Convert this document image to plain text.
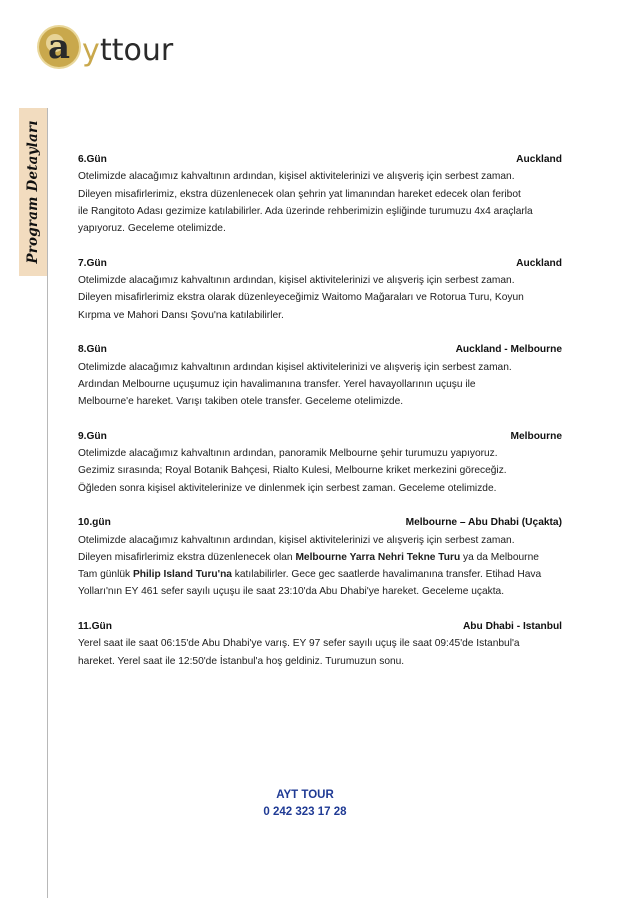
a y ttour
Program Detayları	6.Gün	Auckland

Otelimizde alacağımız kahvaltının ardından, kişisel aktivitelerinizi ve alışveriş için serbest zaman.

Dileyen misafirlerimiz, ekstra düzenlenecek olan şehrin yat limanından hareket edecek olan feribot

ile Rangitoto Adası gezimize katılabilirler. Ada üzerinde rehberimizin eşliğinde turumuzu 4x4 araçlarla

yapıyoruz. Geceleme otelimizde.

7.Gün	Auckland

Otelimizde alacağımız kahvaltının ardından, kişisel aktivitelerinizi ve alışveriş için serbest zaman.

Dileyen misafirlerimiz ekstra olarak düzenleyeceğimiz Waitomo Mağaraları ve Rotorua Turu, Koyun

Kırpma ve Mahori Dansı Şovu'na katılabilirler.

8.Gün	Auckland - Melbourne

Otelimizde alacağımız kahvaltının ardından kişisel aktivitelerinizi ve alışveriş için serbest zaman.

Ardından Melbourne uçuşumuz için havalimanına transfer. Yerel havayollarının uçuşu ile

Melbourne'e hareket. Varışı takiben otele transfer. Geceleme otelimizde.

9.Gün	Melbourne

Otelimizde alacağımız kahvaltının ardından, panoramik Melbourne şehir turumuzu yapıyoruz.

Gezimiz sırasında; Royal Botanik Bahçesi, Rialto Kulesi, Melbourne kriket merkezini göreceğiz.

Öğleden sonra kişisel aktivitelerinize ve dinlenmek için serbest zaman. Geceleme otelimizde.

10.gün	Melbourne – Abu Dhabi (Uçakta)

Otelimizde alacağımız kahvaltının ardından, kişisel aktivitelerinizi ve alışveriş için serbest zaman.

Dileyen misafirlerimiz ekstra düzenlenecek olan Melbourne Yarra Nehri Tekne Turu ya da Melbourne

Tam günlük Philip Island Turu'na katılabilirler. Gece gec saatlerde havalimanına transfer. Etihad Hava

Yolları'nın EY 461 sefer sayılı uçuşu ile saat 23:10'da Abu Dhabi'ye hareket. Geceleme uçakta.

11.Gün	Abu Dhabi - Istanbul

Yerel saat ile saat 06:15'de Abu Dhabi'ye varış. EY 97 sefer sayılı uçuş ile saat 09:45'de Istanbul'a

hareket. Yerel saat ile 12:50'de İstanbul'a hoş geldiniz. Turumuzun sonu.

AYT TOUR
0 242 323 17 28
